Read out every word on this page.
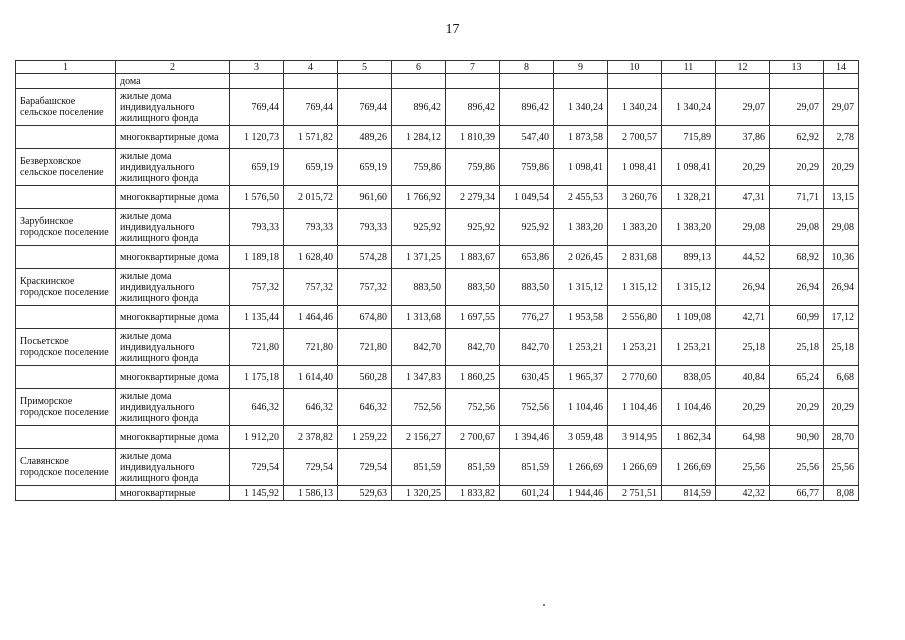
17
1	2	3	4	5	6	7	8	9	10	11	12	13	14
	дома												
Барабашское сельское поселение	жилые дома индивидуального жилищного фонда	769,44	769,44	769,44	896,42	896,42	896,42	1 340,24	1 340,24	1 340,24	29,07	29,07	29,07
	многоквартирные дома	1 120,73	1 571,82	489,26	1 284,12	1 810,39	547,40	1 873,58	2 700,57	715,89	37,86	62,92	2,78
Безверховское сельское поселение	жилые дома индивидуального жилищного фонда	659,19	659,19	659,19	759,86	759,86	759,86	1 098,41	1 098,41	1 098,41	20,29	20,29	20,29
	многоквартирные дома	1 576,50	2 015,72	961,60	1 766,92	2 279,34	1 049,54	2 455,53	3 260,76	1 328,21	47,31	71,71	13,15
Зарубинское городское поселение	жилые дома индивидуального жилищного фонда	793,33	793,33	793,33	925,92	925,92	925,92	1 383,20	1 383,20	1 383,20	29,08	29,08	29,08
	многоквартирные дома	1 189,18	1 628,40	574,28	1 371,25	1 883,67	653,86	2 026,45	2 831,68	899,13	44,52	68,92	10,36
Краскинское городское поселение	жилые дома индивидуального жилищного фонда	757,32	757,32	757,32	883,50	883,50	883,50	1 315,12	1 315,12	1 315,12	26,94	26,94	26,94
	многоквартирные дома	1 135,44	1 464,46	674,80	1 313,68	1 697,55	776,27	1 953,58	2 556,80	1 109,08	42,71	60,99	17,12
Посьетское городское поселение	жилые дома индивидуального жилищного фонда	721,80	721,80	721,80	842,70	842,70	842,70	1 253,21	1 253,21	1 253,21	25,18	25,18	25,18
	многоквартирные дома	1 175,18	1 614,40	560,28	1 347,83	1 860,25	630,45	1 965,37	2 770,60	838,05	40,84	65,24	6,68
Приморское городское поселение	жилые дома индивидуального жилищного фонда	646,32	646,32	646,32	752,56	752,56	752,56	1 104,46	1 104,46	1 104,46	20,29	20,29	20,29
	многоквартирные дома	1 912,20	2 378,82	1 259,22	2 156,27	2 700,67	1 394,46	3 059,48	3 914,95	1 862,34	64,98	90,90	28,70
Славянское городское поселение	жилые дома индивидуального жилищного фонда	729,54	729,54	729,54	851,59	851,59	851,59	1 266,69	1 266,69	1 266,69	25,56	25,56	25,56
	многоквартирные	1 145,92	1 586,13	529,63	1 320,25	1 833,82	601,24	1 944,46	2 751,51	814,59	42,32	66,77	8,08
